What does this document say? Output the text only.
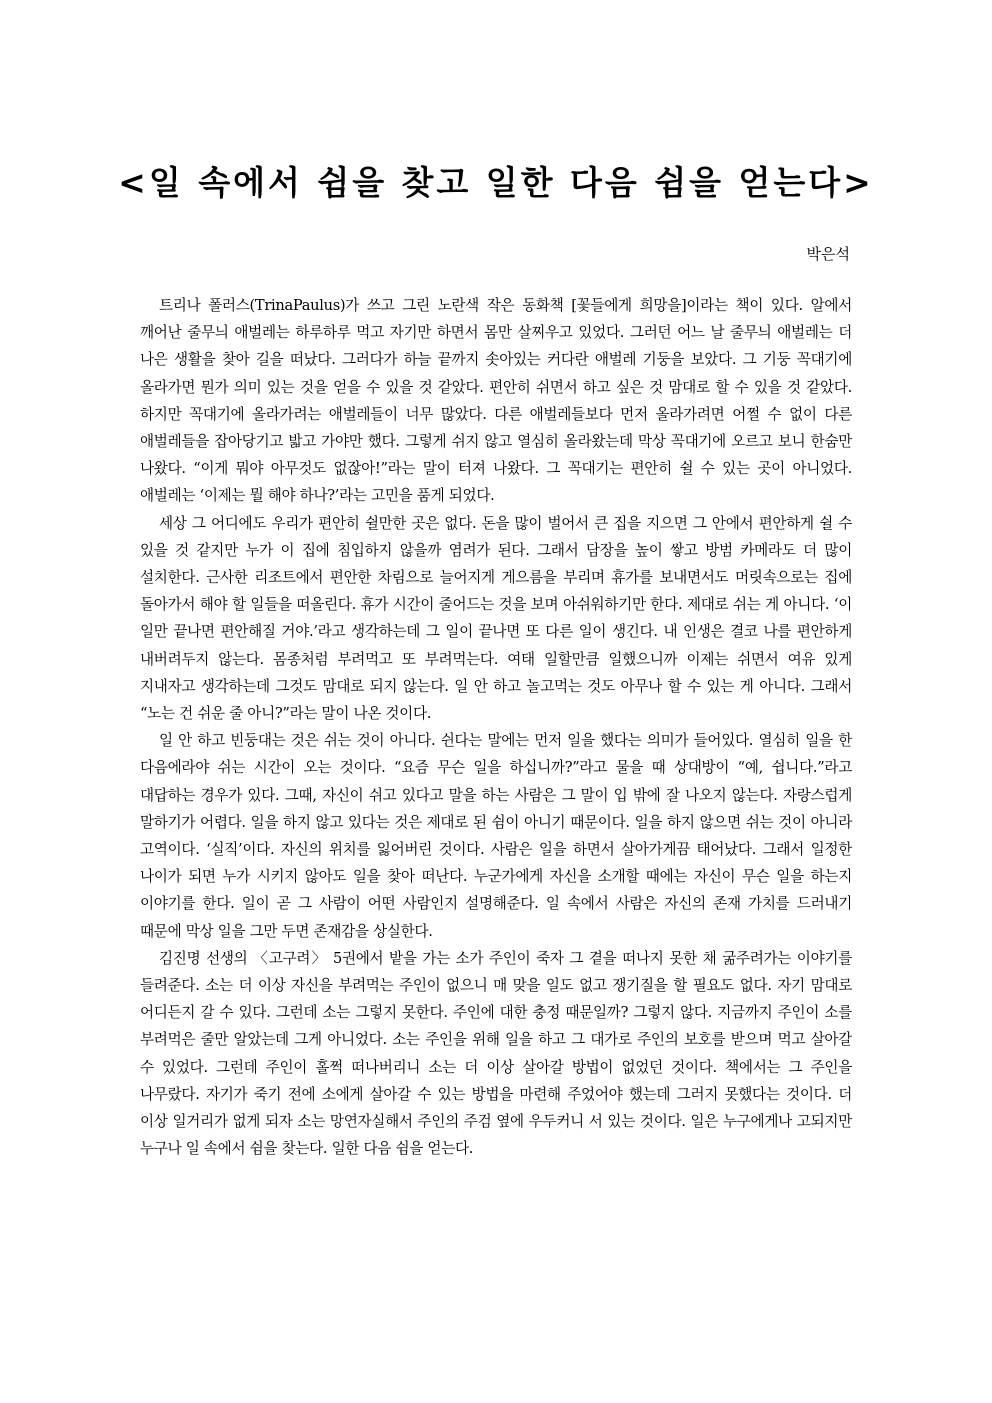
<일 속에서 쉼을 찾고 일한 다음 쉼을 얻는다>

박은석

트리나 폴러스(TrinaPaulus)가 쓰고 그린 노란색 작은 동화책 [꽃들에게 희망을]이라는 책이 있다. 알에서 깨어난 줄무늬 애벌레는 하루하루 먹고 자기만 하면서 몸만 살찌우고 있었다. 그러던 어느 날 줄무늬 애벌레는 더 나은 생활을 찾아 길을 떠났다. 그러다가 하늘 끝까지 솟아있는 커다란 애벌레 기둥을 보았다. 그 기둥 꼭대기에 올라가면 뭔가 의미 있는 것을 얻을 수 있을 것 같았다. 편안히 쉬면서 하고 싶은 것 맘대로 할 수 있을 것 같았다. 하지만 꼭대기에 올라가려는 애벌레들이 너무 많았다. 다른 애벌레들보다 먼저 올라가려면 어쩔 수 없이 다른 애벌레들을 잡아당기고 밟고 가야만 했다. 그렇게 쉬지 않고 열심히 올라왔는데 막상 꼭대기에 오르고 보니 한숨만 나왔다. “이게 뭐야 아무것도 없잖아!”라는 말이 터져 나왔다. 그 꼭대기는 편안히 쉴 수 있는 곳이 아니었다. 애벌레는 ‘이제는 뭘 해야 하나?’라는 고민을 품게 되었다.

세상 그 어디에도 우리가 편안히 쉴만한 곳은 없다. 돈을 많이 벌어서 큰 집을 지으면 그 안에서 편안하게 쉴 수 있을 것 같지만 누가 이 집에 침입하지 않을까 염려가 된다. 그래서 담장을 높이 쌓고 방범 카메라도 더 많이 설치한다. 근사한 리조트에서 편안한 차림으로 늘어지게 게으름을 부리며 휴가를 보내면서도 머릿속으로는 집에 돌아가서 해야 할 일들을 떠올린다. 휴가 시간이 줄어드는 것을 보며 아쉬워하기만 한다. 제대로 쉬는 게 아니다. ‘이 일만 끝나면 편안해질 거야.’라고 생각하는데 그 일이 끝나면 또 다른 일이 생긴다. 내 인생은 결코 나를 편안하게 내버려두지 않는다. 몸종처럼 부려먹고 또 부려먹는다. 여태 일할만큼 일했으니까 이제는 쉬면서 여유 있게 지내자고 생각하는데 그것도 맘대로 되지 않는다. 일 안 하고 놀고먹는 것도 아무나 할 수 있는 게 아니다. 그래서 “노는 건 쉬운 줄 아니?”라는 말이 나온 것이다.

일 안 하고 빈둥대는 것은 쉬는 것이 아니다. 쉰다는 말에는 먼저 일을 했다는 의미가 들어있다. 열심히 일을 한 다음에라야 쉬는 시간이 오는 것이다. “요즘 무슨 일을 하십니까?”라고 물을 때 상대방이 “예, 쉽니다.”라고 대답하는 경우가 있다. 그때, 자신이 쉬고 있다고 말을 하는 사람은 그 말이 입 밖에 잘 나오지 않는다. 자랑스럽게 말하기가 어렵다. 일을 하지 않고 있다는 것은 제대로 된 쉼이 아니기 때문이다. 일을 하지 않으면 쉬는 것이 아니라 고역이다. ‘실직’이다. 자신의 위치를 잃어버린 것이다. 사람은 일을 하면서 살아가게끔 태어났다. 그래서 일정한 나이가 되면 누가 시키지 않아도 일을 찾아 떠난다. 누군가에게 자신을 소개할 때에는 자신이 무슨 일을 하는지 이야기를 한다. 일이 곧 그 사람이 어떤 사람인지 설명해준다. 일 속에서 사람은 자신의 존재 가치를 드러내기 때문에 막상 일을 그만 두면 존재감을 상실한다.

김진명 선생의 〈고구려〉 5권에서 밭을 가는 소가 주인이 죽자 그 곁을 떠나지 못한 채 굶주려가는 이야기를 들려준다. 소는 더 이상 자신을 부려먹는 주인이 없으니 매 맞을 일도 없고 쟁기질을 할 필요도 없다. 자기 맘대로 어디든지 갈 수 있다. 그런데 소는 그렇지 못한다. 주인에 대한 충정 때문일까? 그렇지 않다. 지금까지 주인이 소를 부려먹은 줄만 알았는데 그게 아니었다. 소는 주인을 위해 일을 하고 그 대가로 주인의 보호를 받으며 먹고 살아갈 수 있었다. 그런데 주인이 홀쩍 떠나버리니 소는 더 이상 살아갈 방법이 없었던 것이다. 책에서는 그 주인을 나무랐다. 자기가 죽기 전에 소에게 살아갈 수 있는 방법을 마련해 주었어야 했는데 그러지 못했다는 것이다. 더 이상 일거리가 없게 되자 소는 망연자실해서 주인의 주검 옆에 우두커니 서 있는 것이다. 일은 누구에게나 고되지만 누구나 일 속에서 쉼을 찾는다. 일한 다음 쉼을 얻는다.
